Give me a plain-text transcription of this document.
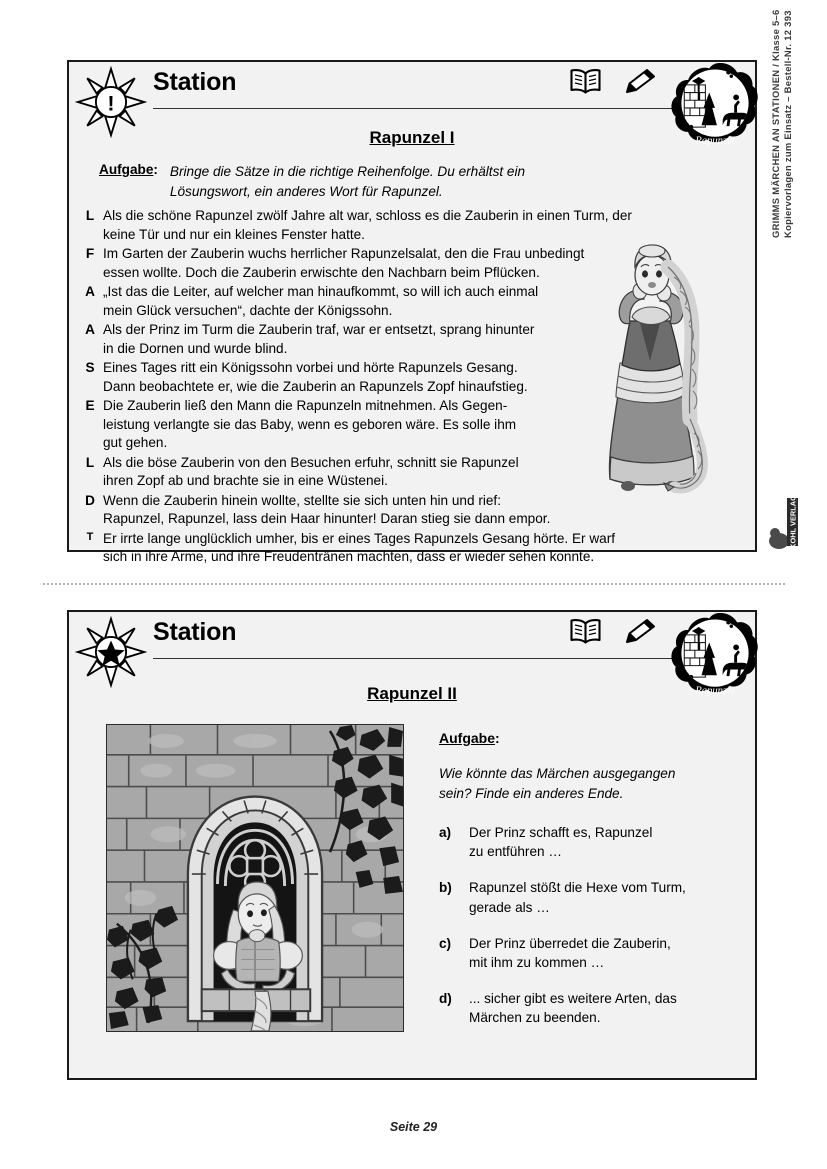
!
Station
Rapunzel
Rapunzel I
Aufgabe: Bringe die Sätze in die richtige Reihenfolge. Du erhältst ein
Lösungswort, ein anderes Wort für Rapunzel.
L Als die schöne Rapunzel zwölf Jahre alt war, schloss es die Zauberin in einen Turm, der
keine Tür und nur ein kleines Fenster hatte.
F Im Garten der Zauberin wuchs herrlicher Rapunzelsalat, den die Frau unbedingt
essen wollte. Doch die Zauberin erwischte den Nachbarn beim Pflücken.
A „Ist das die Leiter, auf welcher man hinaufkommt, so will ich auch einmal
mein Glück versuchen“, dachte der Königssohn.
A Als der Prinz im Turm die Zauberin traf, war er entsetzt, sprang hinunter
in die Dornen und wurde blind.
S Eines Tages ritt ein Königssohn vorbei und hörte Rapunzels Gesang.
Dann beobachtete er, wie die Zauberin an Rapunzels Zopf hinaufstieg.
E Die Zauberin ließ den Mann die Rapunzeln mitnehmen. Als Gegen-
leistung verlangte sie das Baby, wenn es geboren wäre. Es solle ihm
gut gehen.
L Als die böse Zauberin von den Besuchen erfuhr, schnitt sie Rapunzel
ihren Zopf ab und brachte sie in eine Wüstenei.
D Wenn die Zauberin hinein wollte, stellte sie sich unten hin und rief:
Rapunzel, Rapunzel, lass dein Haar hinunter! Daran stieg sie dann empor.
T Er irrte lange unglücklich umher, bis er eines Tages Rapunzels Gesang hörte. Er warf
sich in ihre Arme, und ihre Freudentränen machten, dass er wieder sehen konnte.
Station
Rapunzel
Rapunzel II
Aufgabe:
Wie könnte das Märchen ausgegangen
sein? Finde ein anderes Ende.
a)	Der Prinz schafft es, Rapunzel
zu entführen …
b)	Rapunzel stößt die Hexe vom Turm,
gerade als …
c)	Der Prinz überredet die Zauberin,
mit ihm zu kommen …
d)	... sicher gibt es weitere Arten, das
Märchen zu beenden.
GRIMMS MÄRCHEN AN STATIONEN / Klasse 5–6 Kopiervorlagen zum Einsatz – Bestell-Nr. 12 393
KOHL VERLAG
Seite 29
